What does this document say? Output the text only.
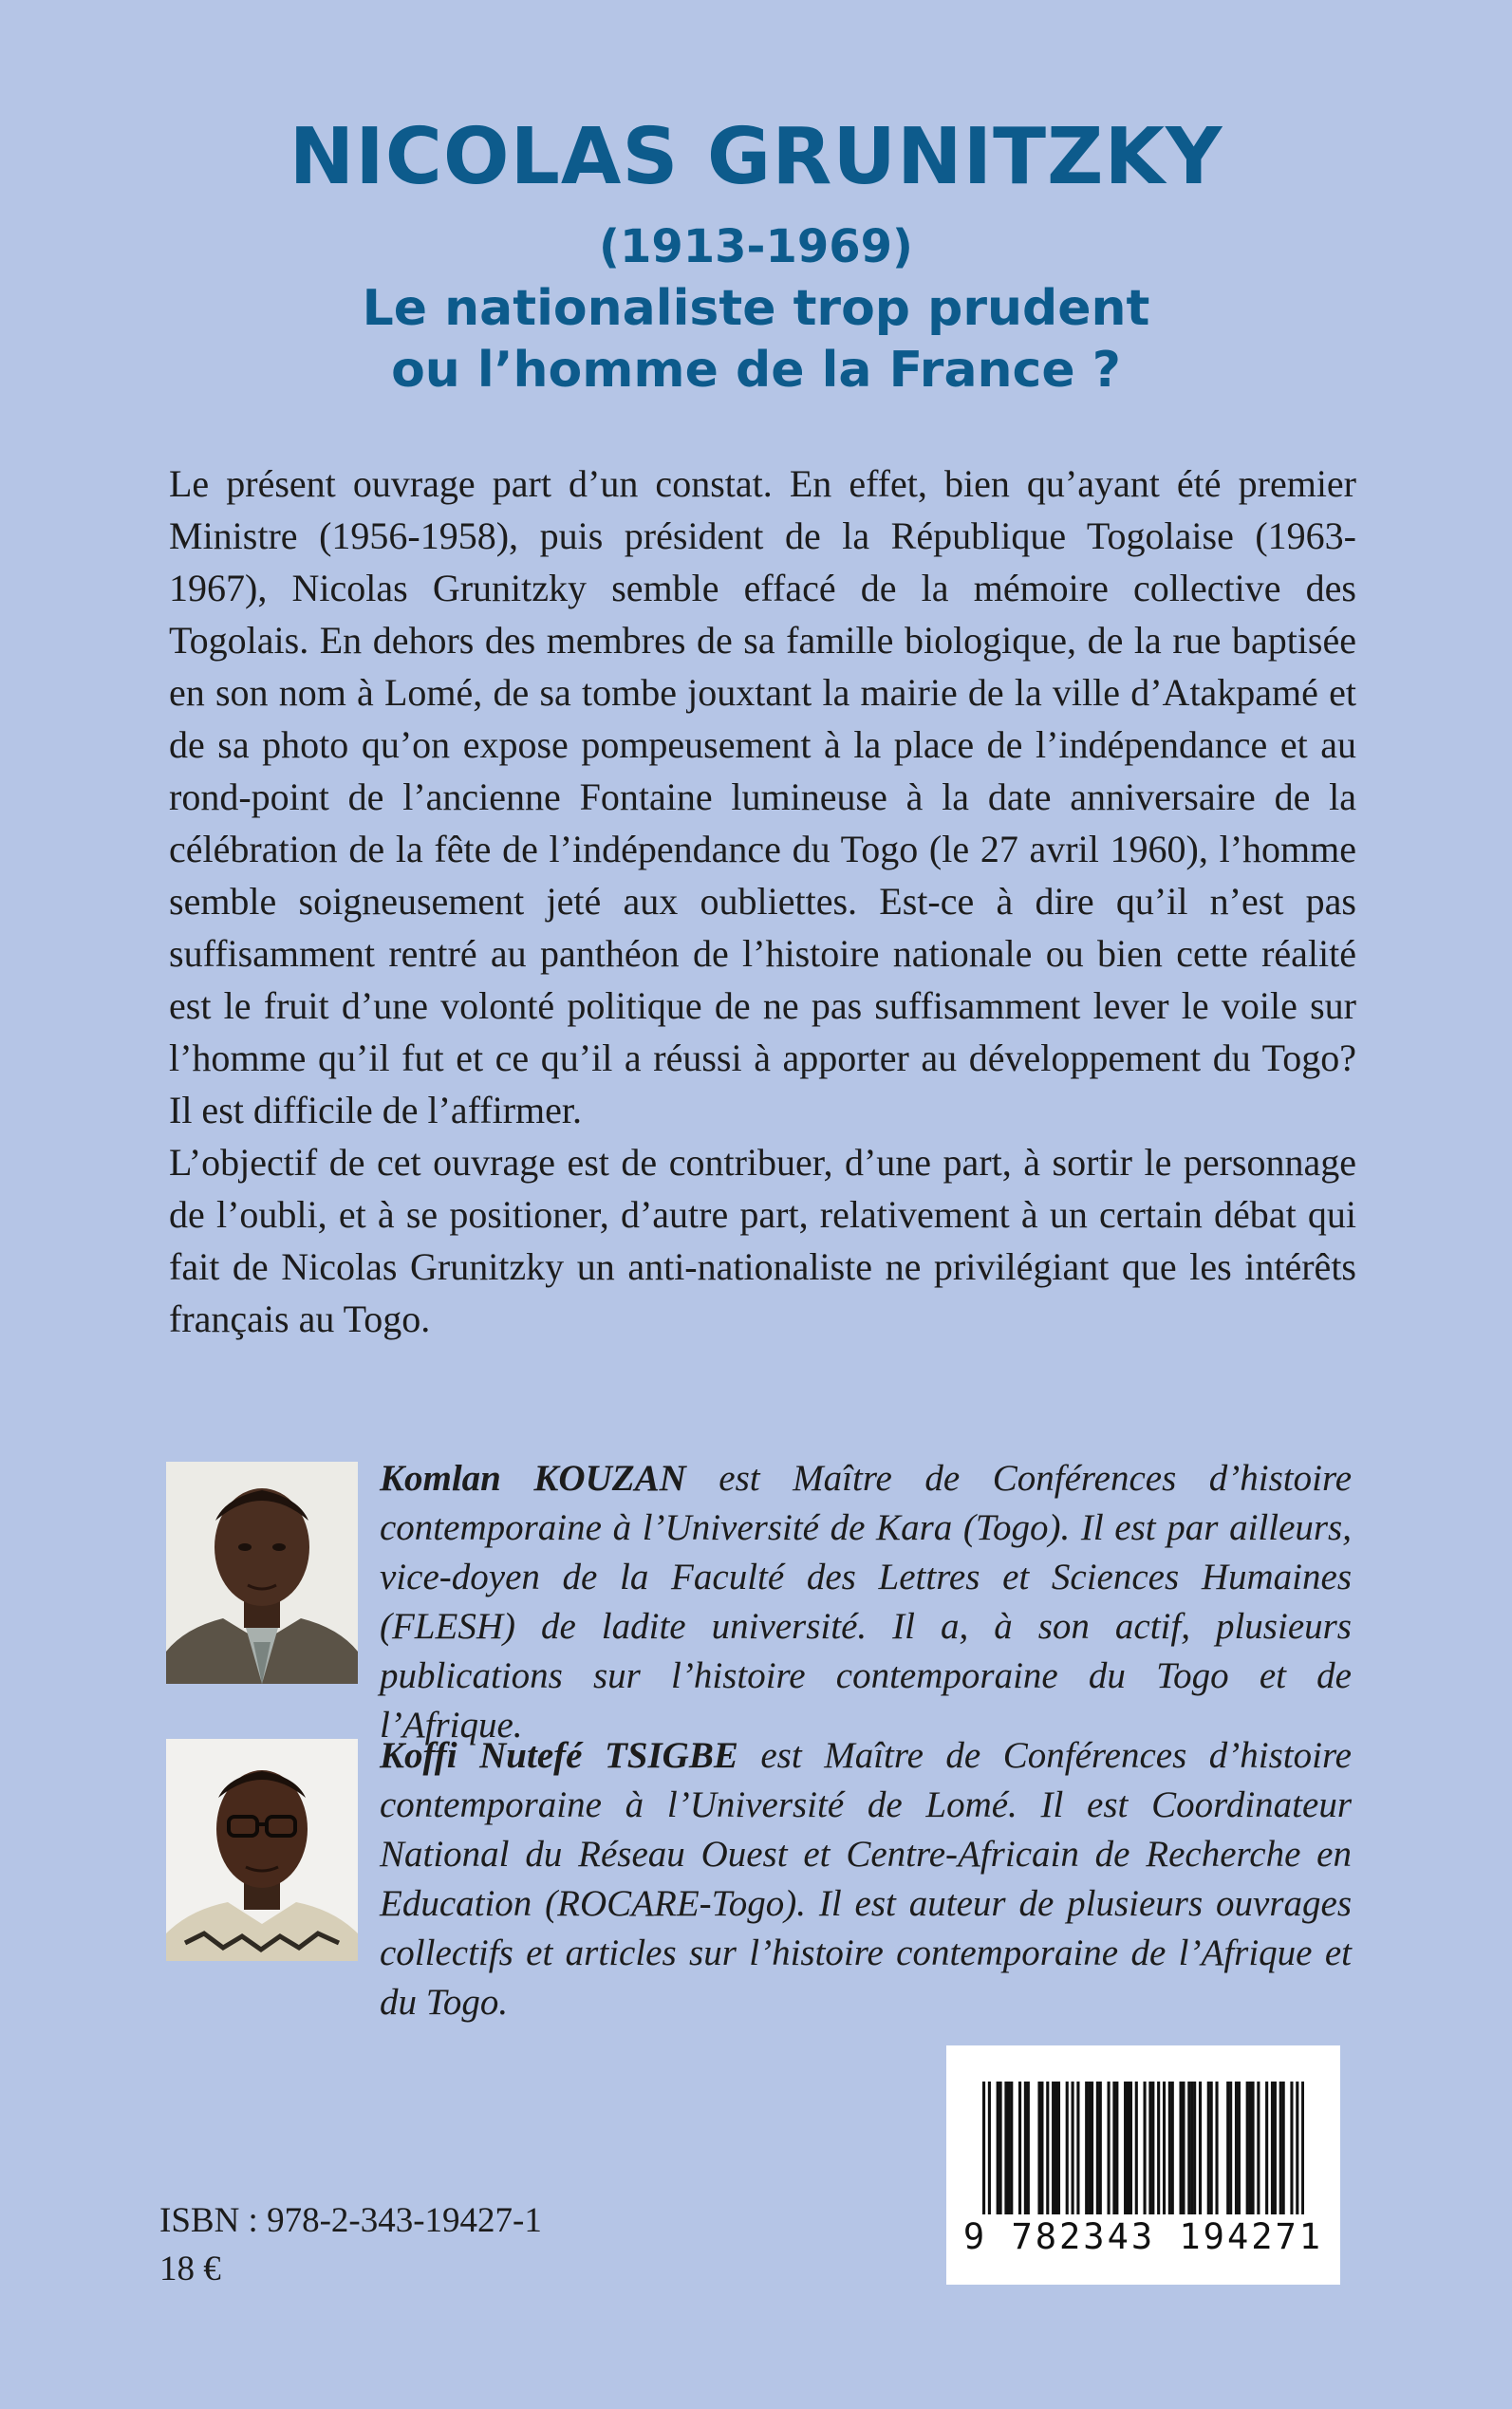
NICOLAS GRUNITZKY
(1913-1969)
Le nationaliste trop prudent
ou l’homme de la France ?

Le présent ouvrage part d’un constat. En effet, bien qu’ayant été premier Ministre (1956-1958), puis président de la République Togolaise (1963-1967), Nicolas Grunitzky semble effacé de la mémoire collective des Togolais. En dehors des membres de sa famille biologique, de la rue baptisée en son nom à Lomé, de sa tombe jouxtant la mairie de la ville d’Atakpamé et de sa photo qu’on expose pompeusement à la place de l’indépendance et au rond-point de l’ancienne Fontaine lumineuse à la date anniversaire de la célébration de la fête de l’indépendance du Togo (le 27 avril 1960), l’homme semble soigneusement jeté aux oubliettes. Est-ce à dire qu’il n’est pas suffisamment rentré au panthéon de l’histoire nationale ou bien cette réalité est le fruit d’une volonté politique de ne pas suffisamment lever le voile sur l’homme qu’il fut et ce qu’il a réussi à apporter au développement du Togo? Il est difficile de l’affirmer.

L’objectif de cet ouvrage est de contribuer, d’une part, à sortir le personnage de l’oubli, et à se positioner, d’autre part, relativement à un certain débat qui fait de Nicolas Grunitzky un anti-nationaliste ne privilégiant que les intérêts français au Togo.

Komlan KOUZAN est Maître de Conférences d’histoire contemporaine à l’Université de Kara (Togo). Il est par ailleurs, vice-doyen de la Faculté des Lettres et Sciences Humaines (FLESH) de ladite université. Il a, à son actif, plusieurs publications sur l’histoire contemporaine du Togo et de l’Afrique.

Koffi Nutefé TSIGBE est Maître de Conférences d’histoire contemporaine à l’Université de Lomé. Il est Coordinateur National du Réseau Ouest et Centre-Africain de Recherche en Education (ROCARE-Togo). Il est auteur de plusieurs ouvrages collectifs et articles sur l’histoire contemporaine de l’Afrique et du Togo.

9 782343 194271

ISBN : 978-2-343-19427-1

18 €
